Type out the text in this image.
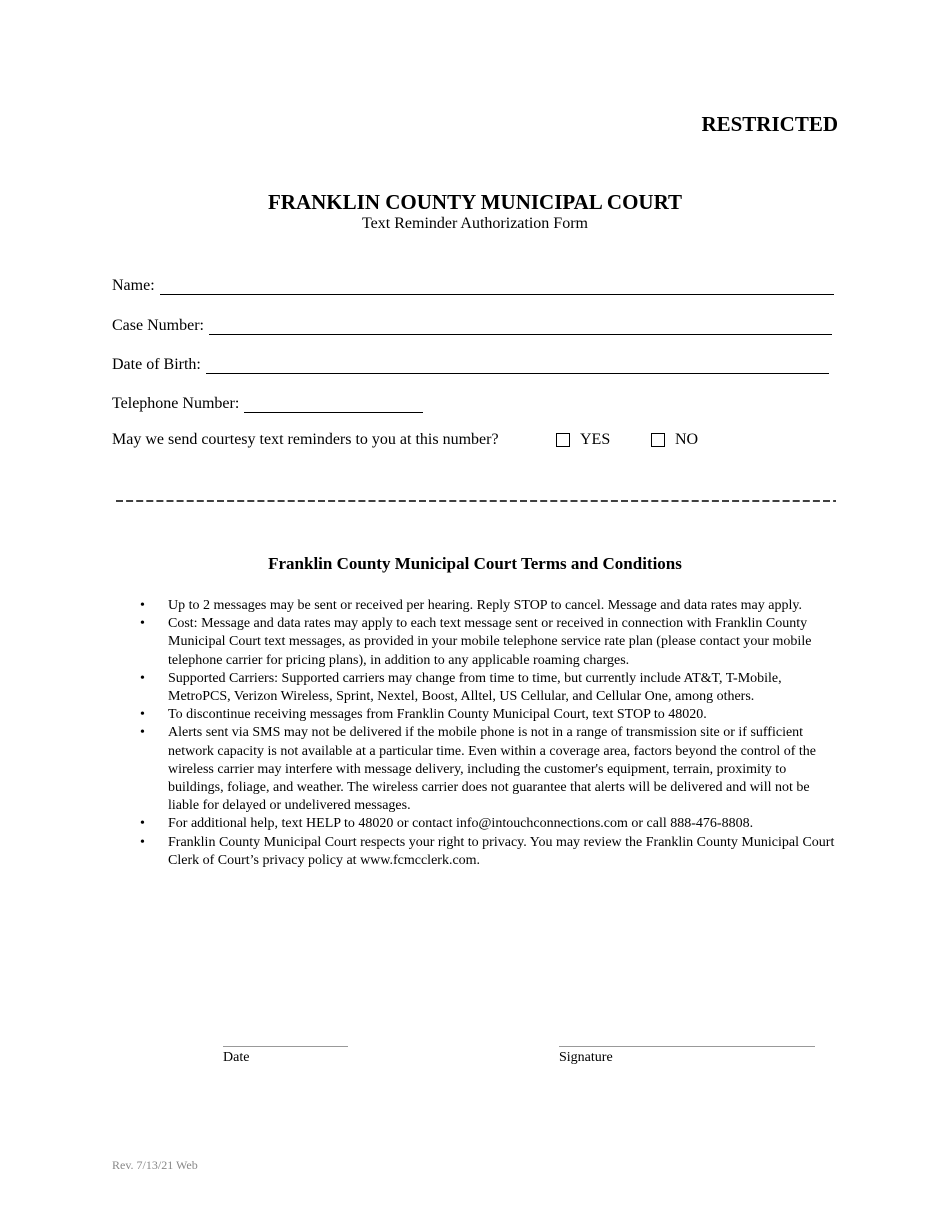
RESTRICTED
FRANKLIN COUNTY MUNICIPAL COURT
Text Reminder Authorization Form
Name:
Case Number:
Date of Birth:
Telephone Number:
May we send courtesy text reminders to you at this number?	YES	NO
Franklin County Municipal Court Terms and Conditions
• Up to 2 messages may be sent or received per hearing. Reply STOP to cancel. Message and data rates may apply.
• Cost: Message and data rates may apply to each text message sent or received in connection with Franklin County Municipal Court text messages, as provided in your mobile telephone service rate plan (please contact your mobile telephone carrier for pricing plans), in addition to any applicable roaming charges.
• Supported Carriers: Supported carriers may change from time to time, but currently include AT&T, T-Mobile, MetroPCS, Verizon Wireless, Sprint, Nextel, Boost, Alltel, US Cellular, and Cellular One, among others.
• To discontinue receiving messages from Franklin County Municipal Court, text STOP to 48020.
• Alerts sent via SMS may not be delivered if the mobile phone is not in a range of transmission site or if sufficient network capacity is not available at a particular time. Even within a coverage area, factors beyond the control of the wireless carrier may interfere with message delivery, including the customer's equipment, terrain, proximity to buildings, foliage, and weather. The wireless carrier does not guarantee that alerts will be delivered and will not be liable for delayed or undelivered messages.
• For additional help, text HELP to 48020 or contact info@intouchconnections.com or call 888-476-8808.
• Franklin County Municipal Court respects your right to privacy. You may review the Franklin County Municipal Court Clerk of Court’s privacy policy at www.fcmcclerk.com.
Date	Signature
Rev. 7/13/21 Web
